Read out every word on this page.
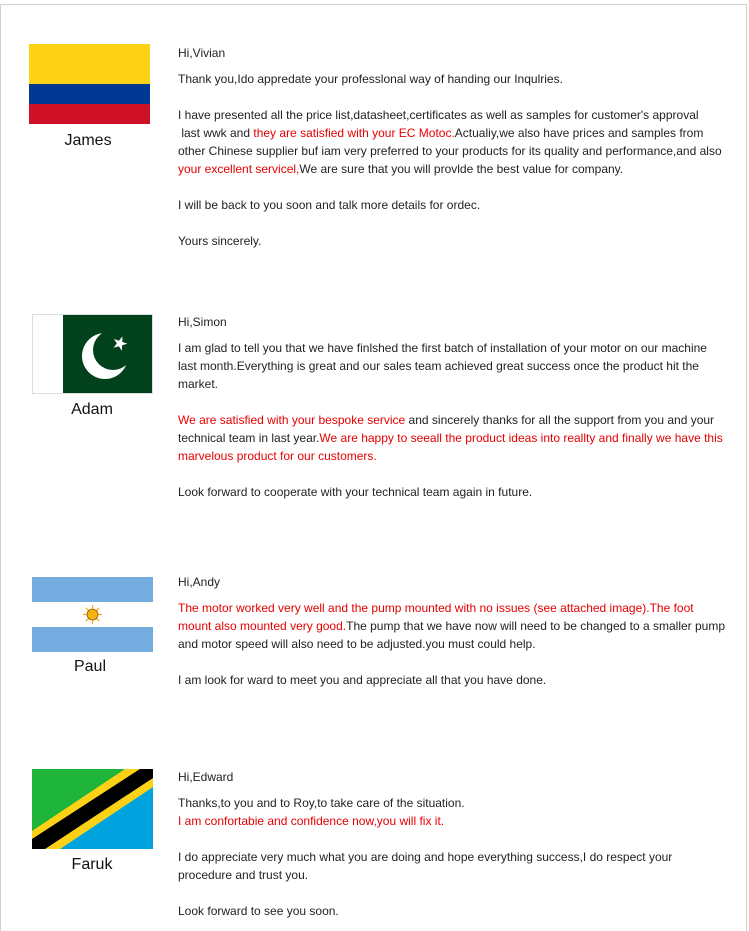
James

Hi,Vivian

Thank you,Ido appredate your professlonal way of handing our Inqulries.

I have presented all the price list,datasheet,certificates as well as samples for customer's approval
last wwk and they are satisfied with your EC Motoc.Actualiy,we also have prices and samples from other Chinese supplier buf iam very preferred to your products for its quality and performance,and also your excellent servicel,We are sure that you will provlde the best value for company.

I will be back to you soon and talk more details for ordec.

Yours sincerely.

Adam

Hi,Simon

I am glad to tell you that we have finlshed the first batch of installation of your motor on our machine last month.Everything is great and our sales team achieved great success once the product hit the market.

We are satisfied with your bespoke service and sincerely thanks for all the support from you and your technical team in last year.We are happy to seeall the product ideas into reallty and finally we have this marvelous product for our customers.

Look forward to cooperate with your technical team again in future.

Paul

Hi,Andy

The motor worked very well and the pump mounted with no issues (see attached image).The foot mount also mounted very good.The pump that we have now will need to be changed to a smaller pump and motor speed will also need to be adjusted.you must could help.

I am look for ward to meet you and appreciate all that you have done.

Faruk

Hi,Edward

Thanks,to you and to Roy,to take care of the situation.
I am confortabie and confidence now,you will fix it.

I do appreciate very much what you are doing and hope everything success,I do respect your procedure and trust you.

Look forward to see you soon.
